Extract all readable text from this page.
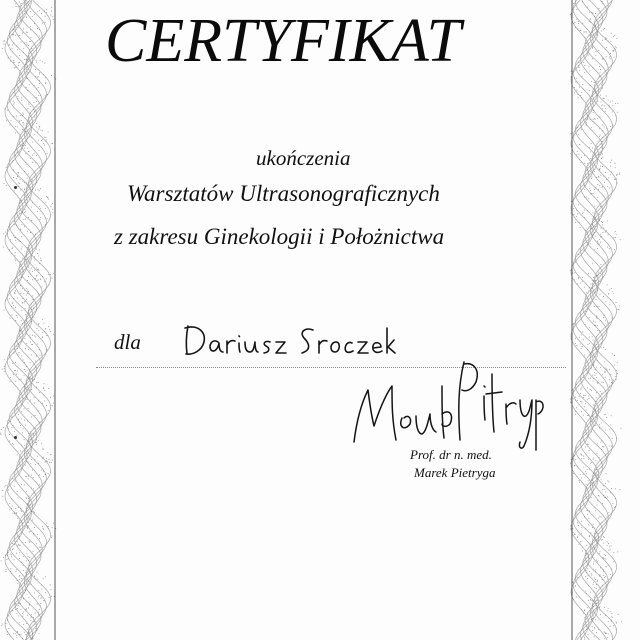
CERTYFIKAT
ukończenia
Warsztatów Ultrasonograficznych
z zakresu Ginekologii i Położnictwa
dla
Prof. dr n. med.
Marek Pietryga
